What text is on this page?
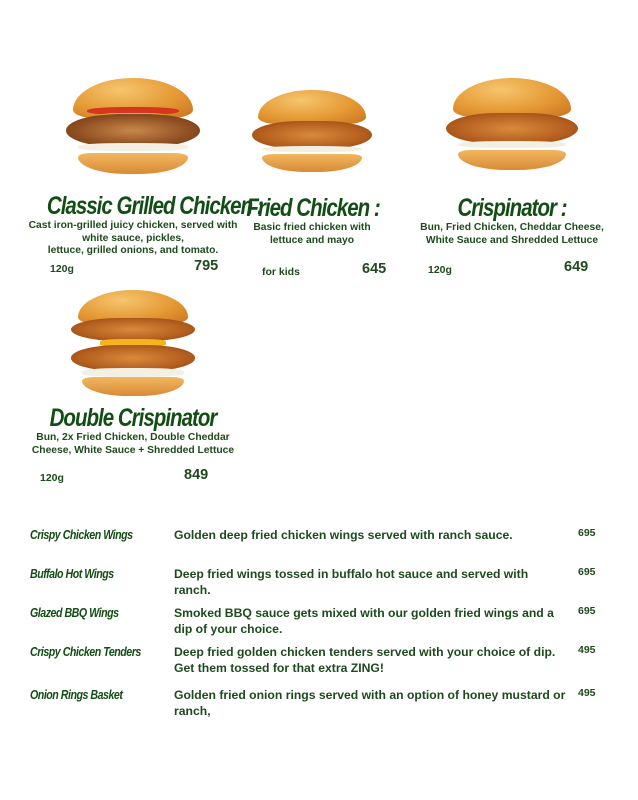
Classic Grilled Chicken :
Cast iron-grilled juicy chicken, served with
white sauce, pickles,
lettuce, grilled onions, and tomato.
120g	795
Fried Chicken :
Basic fried chicken with
lettuce and mayo
for kids	645
Crispinator :
Bun, Fried Chicken, Cheddar Cheese,
White Sauce and Shredded Lettuce
120g	649
Double Crispinator
Bun, 2x Fried Chicken, Double Cheddar
Cheese, White Sauce + Shredded Lettuce
120g	849
Crispy Chicken Wings	Golden deep fried chicken wings served with ranch sauce.	695
Buffalo Hot Wings	Deep fried wings tossed in buffalo hot sauce and served with ranch.
695
Glazed BBQ Wings	Smoked BBQ sauce gets mixed with our golden fried wings and a dip of your choice.
695
Crispy Chicken Tenders	Deep fried golden chicken tenders served with your choice of dip. Get them tossed for that extra ZING!
495
Onion Rings Basket	Golden fried onion rings served with an option of honey mustard or ranch,
495
